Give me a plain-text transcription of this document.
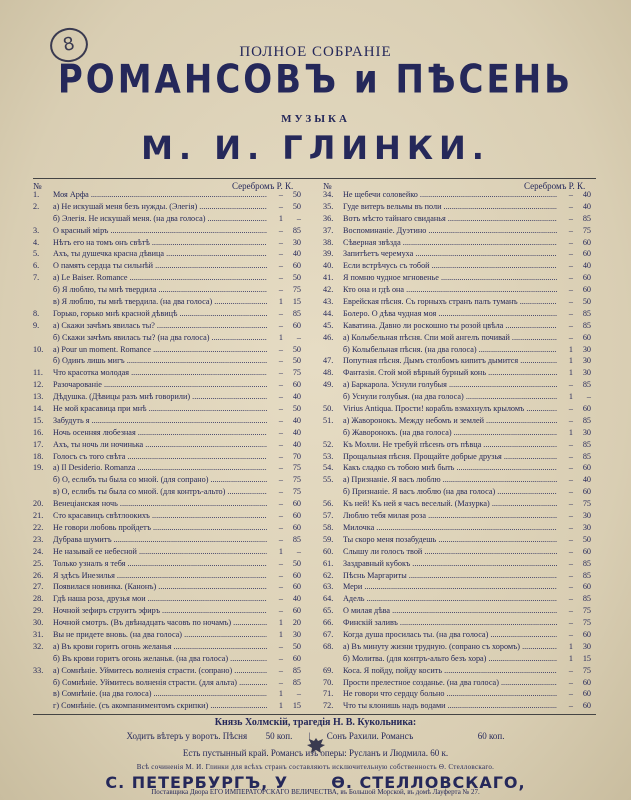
8	ПОЛНОЕ СОБРАНІЕ
РОМАНСОВЪ и ПѢСЕНЬ
МУЗЫКА
М. И. ГЛИНКИ.
№	Серебромъ Р. К.	№	Серебромъ Р. К.
1.	Моя Арфа .....	–	50
2.	а) Не искушай меня безъ нужды. (Элегія) .....	–	50
б) Элегія. Не искушай меня. (на два голоса) .....	1	–
3.	О красный міръ .....	–	85
4.	Нѣтъ его на томъ онъ свѣтѣ .....	–	30
5.	Ахъ, ты душечка красна дѣвица .....	–	40
6.	О память сердца ты сильнѣй .....	–	60
7.	а) Le Baiser. Romance .....	–	50
б) Я люблю, ты мнѣ твердила .....	–	75
в) Я люблю, ты мнѣ твердила. (на два голоса) .....	1	15
8.	Горько, горько мнѣ красной дѣвицѣ .....	–	85
9.	а) Скажи зачѣмъ явилась ты? .....	–	60
б) Скажи зачѣмъ явилась ты? (на два голоса) .....	1	–
10.	а) Pour un moment. Romance .....	–	50
б) Одинъ лишь мигъ .....	–	50
11.	Что красотка молодая .....	–	75
12.	Разочарованіе .....	–	60
13.	Дѣдушка. (Дѣвицы разъ мнѣ говорили) .....	–	40
14.	Не мой красавица при мнѣ .....	–	50
15.	Забудуть я .....	–	40
16.	Ночь осенняя любезная .....	–	40
17.	Ахъ, ты ночь ли ночинька .....	–	40
18.	Голосъ съ того свѣта .....	–	70
19.	а) Il Desiderio. Romanza .....	–	75
б) О, еслибъ ты была со мной. (для сопрано) .....	–	75
в) О, еслибъ ты была со мной. (для контръ-альто) .....	–	75
20.	Венеціанская ночь .....	–	60
21.	Сто красавицъ свѣтлоокихъ .....	–	60
22.	Не говори любовь пройдетъ .....	–	60
23.	Дубрава шумитъ .....	–	85
24.	Не называй ее небесной .....	1	–
25.	Только узналъ я тебя .....	–	50
26.	Я здѣсь Инезилья .....	–	60
27.	Появилася новинка. (Канонъ) .....	–	60
28.	Гдѣ наша роза, друзья мои .....	–	40
29.	Ночной зефиръ струитъ эфиръ .....	–	60
30.	Ночной смотръ. (Въ двѣнадцать часовъ по ночамъ) .....	1	20
31.	Вы не придете вновь. (на два голоса) .....	1	30
32.	а) Въ крови горитъ огонь желанья .....	–	50
б) Въ крови горитъ огонь желанья. (на два голоса) .....	–	60
33.	а) Сомнѣніе. Уймитесь волненія страсти. (сопрано) .....	–	85
б) Сомнѣніе. Уймитесь волненія страсти. (для альта) .....	–	85
в) Сомнѣніе. (на два голоса) .....	1	–
г) Сомнѣніе. (съ акомпаниментомъ скрипки) .....	1	15
34.	Не щебечи соловейко .....	–	40
35.	Гуде витеръ вельмы въ поли .....	–	40
36.	Вотъ мѣсто тайнаго свиданья .....	–	85
37.	Воспоминаніе. Дуэтино .....	–	75
38.	Сѣверная звѣзда .....	–	60
39.	Запитѣетъ черемуха .....	–	60
40.	Если встрѣчусь съ тобой .....	–	40
41.	Я помню чудное мгновенье .....	–	60
42.	Кто она и гдѣ она .....	–	60
43.	Еврейская пѣсня. Съ горныхъ странъ палъ туманъ .....	–	50
44.	Болеро. О дѣва чудная моя .....	–	85
45.	Каватина. Давно ли роскошно ты розой цвѣла .....	–	85
46.	а) Колыбельная пѣсня. Спи мой ангелъ почивай .....	–	60
б) Колыбельная пѣсня. (на два голоса) .....	1	30
47.	Попутная пѣсня. Дымъ столбомъ кипитъ дымится .....	1	30
48.	Фантазія. Стой мой вѣрный бурный конь .....	1	30
49.	а) Баркарола. Уснули голубыя .....	–	85
б) Уснули голубыя. (на два голоса) .....	1	–
50.	Virius Antiqua. Прости! корабль взмахнулъ крыломъ .....	–	60
51.	а) Жаворонокъ. Между небомъ и землей .....	–	85
б) Жаворонокъ. (на два голоса) .....	1	30
52.	Къ Молли. Не требуй пѣсенъ отъ пѣвца .....	–	85
53.	Прощальная пѣсня. Прощайте добрые друзья .....	–	85
54.	Какъ сладко съ тобою мнѣ быть .....	–	60
55.	а) Признаніе. Я васъ люблю .....	–	40
б) Признаніе. Я васъ люблю (на два голоса) .....	–	60
56.	Къ ней! Къ ней я часъ веселый. (Мазурка) .....	–	75
57.	Люблю тебя милая роза .....	–	30
58.	Милочка .....	–	30
59.	Ты скоро меня позабудешь .....	–	50
60.	Слышу ли голосъ твой .....	–	60
61.	Заздравный кубокъ .....	–	85
62.	Пѣснь Маргариты .....	–	85
63.	Мери .....	–	60
64.	Адель .....	–	85
65.	О милая дѣва .....	–	75
66.	Финскій заливъ .....	–	75
67.	Когда душа просилась ты. (на два голоса) .....	–	60
68.	а) Въ минуту жизни трудную. (сопрано съ хоромъ) .....	1	30
б) Молитва. (для контръ-альто безъ хора) .....	1	15
69.	Коса. Я пойду, пойду косить .....	–	75
70.	Прости прелестное созданье. (на два голоса) .....	–	60
71.	Не говори что сердцу больно .....	–	60
72.	Что ты клонишь надъ водами .....	–	60
Князь Холмскій, трагедія Н. В. Кукольника:
Ходитъ вѣтеръ у воротъ. Пѣсня 50 коп. | Сонъ Рахили. Романсъ	60 коп.
Есть пустынный край. Романсъ изъ оперы: Русланъ и Людмила. 60 к.
Всѣ сочиненія М. И. Глинки для всѣхъ странъ составляютъ исключительную собственность Ѳ. Стелловскаго.
С. ПЕТЕРБУРГЪ, У	Ѳ. СТЕЛЛОВСКАГО,
Поставщика Двора ЕГО ИМПЕРАТОРСКАГО ВЕЛИЧЕСТВА, въ Большой Морской, въ домѣ Лауферта № 27.
